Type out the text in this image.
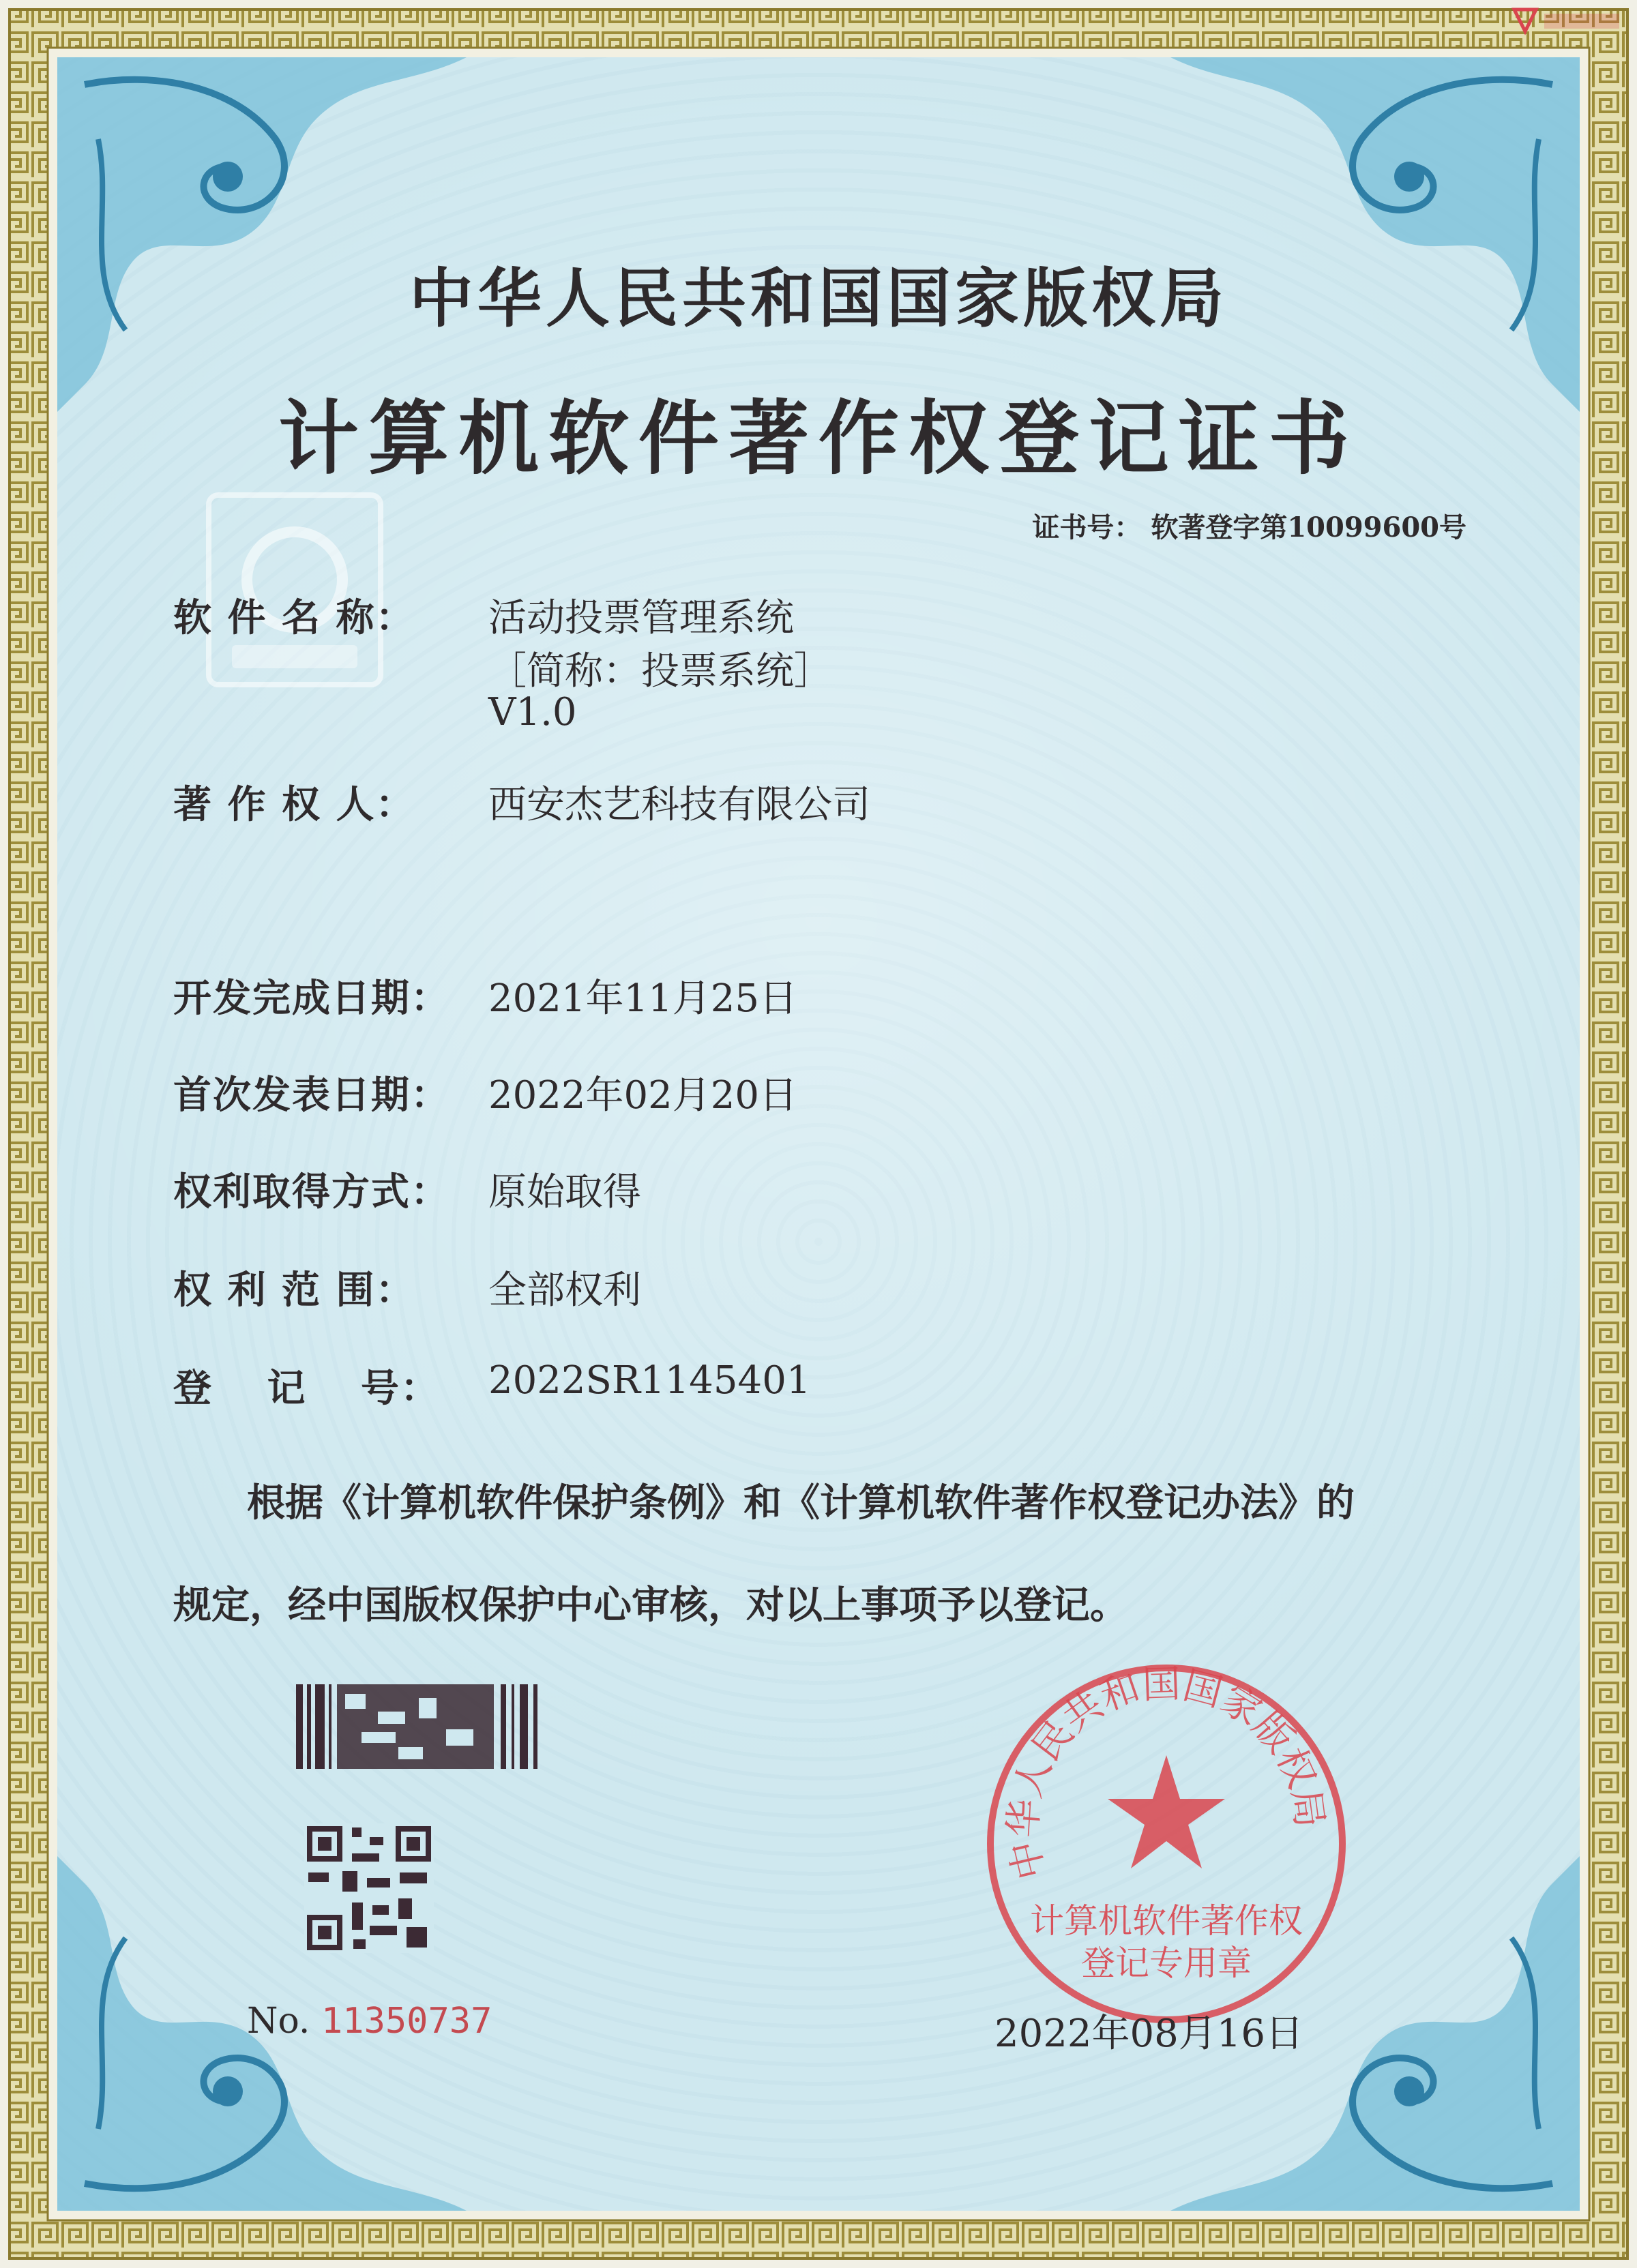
中华人民共和国国家版权局
计算机软件著作权登记证书
证书号： 软著登字第10099600号
软 件 名 称： 活动投票管理系统
［简称：投票系统］
V1.0
著 作 权 人： 西安杰艺科技有限公司
开发完成日期： 2021年11月25日
首次发表日期： 2022年02月20日
权利取得方式： 原始取得
权 利 范 围： 全部权利
登　 记　 号： 2022SR1145401
根据《计算机软件保护条例》和《计算机软件著作权登记办法》的
规定，经中国版权保护中心审核，对以上事项予以登记。
中华人民共和国国家版权局
计算机软件著作权
登记专用章
No. 11350737	2022年08月16日
